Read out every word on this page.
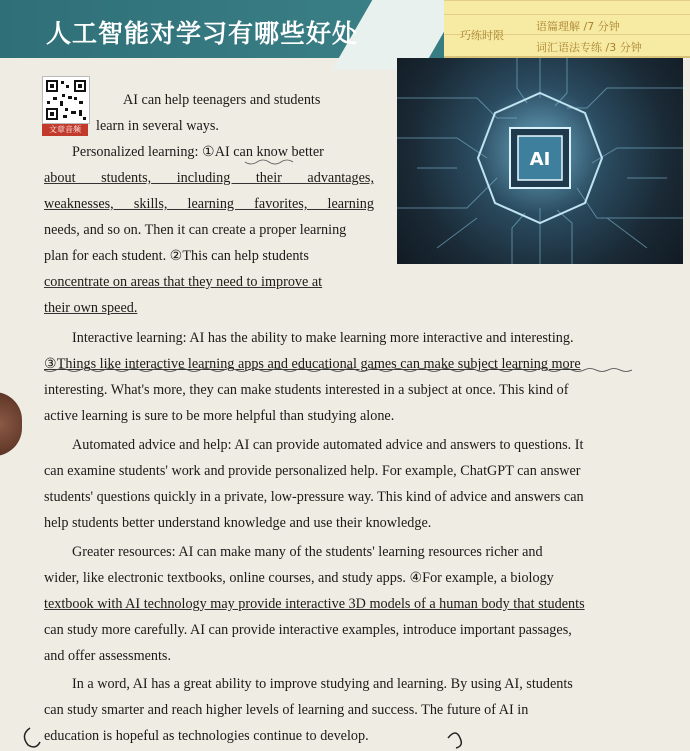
人工智能对学习有哪些好处	语篇理解 /7 分钟
巧练时限
词汇语法专练 /3 分钟
文章音频
AI
AI can help teenagers and students
learn in several ways.
Personalized learning: ①AI can know better
about students, including their advantages,
weaknesses, skills, learning favorites, learning
needs, and so on. Then it can create a proper learning
plan for each student. ②This can help students
concentrate on areas that they need to improve at
their own speed.
Interactive learning: AI has the ability to make learning more interactive and interesting.
③Things like interactive learning apps and educational games can make subject learning more
interesting. What's more, they can make students interested in a subject at once. This kind of
active learning is sure to be more helpful than studying alone.
Automated advice and help: AI can provide automated advice and answers to questions. It
can examine students' work and provide personalized help. For example, ChatGPT can answer
students' questions quickly in a private, low-pressure way. This kind of advice and answers can
help students better understand knowledge and use their knowledge.
Greater resources: AI can make many of the students' learning resources richer and
wider, like electronic textbooks, online courses, and study apps. ④For example, a biology
textbook with AI technology may provide interactive 3D models of a human body that students
can study more carefully. AI can provide interactive examples, introduce important passages,
and offer assessments.
In a word, AI has a great ability to improve studying and learning. By using AI, students
can study smarter and reach higher levels of learning and success. The future of AI in
education is hopeful as technologies continue to develop.
